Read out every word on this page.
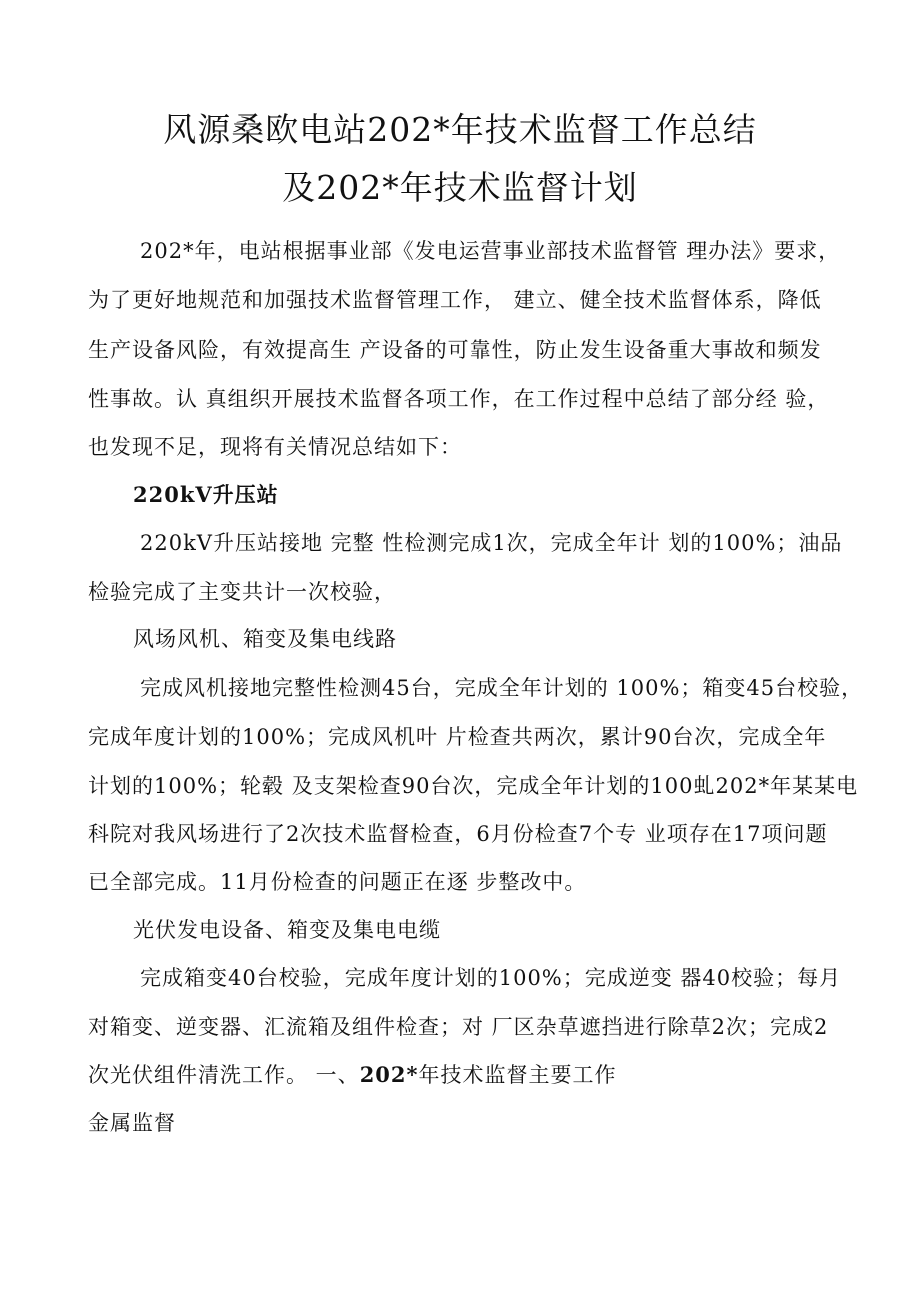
风源桑欧电站202*年技术监督工作总结
及202*年技术监督计划
202*年，电站根据事业部《发电运营事业部技术监督管 理办法》要求，
为了更好地规范和加强技术监督管理工作， 建立、健全技术监督体系，降低
生产设备风险，有效提高生 产设备的可靠性，防止发生设备重大事故和频发
性事故。认 真组织开展技术监督各项工作，在工作过程中总结了部分经 验，
也发现不足，现将有关情况总结如下：
220kV升压站
220kV升压站接地 完整 性检测完成1次，完成全年计 划的100%；油品
检验完成了主变共计一次校验，
风场风机、箱变及集电线路
完成风机接地完整性检测45台，完成全年计划的 100%；箱变45台校验，
完成年度计划的100%；完成风机叶 片检查共两次，累计90台次，完成全年
计划的100%；轮毂 及支架检查90台次，完成全年计划的100虬202*年某某电
科院对我风场进行了2次技术监督检查，6月份检查7个专 业项存在17项问题
已全部完成。11月份检查的问题正在逐 步整改中。
光伏发电设备、箱变及集电电缆
完成箱变40台校验，完成年度计划的100%；完成逆变 器40校验；每月
对箱变、逆变器、汇流箱及组件检查；对 厂区杂草遮挡进行除草2次；完成2
次光伏组件清洗工作。 一、202*年技术监督主要工作
金属监督
